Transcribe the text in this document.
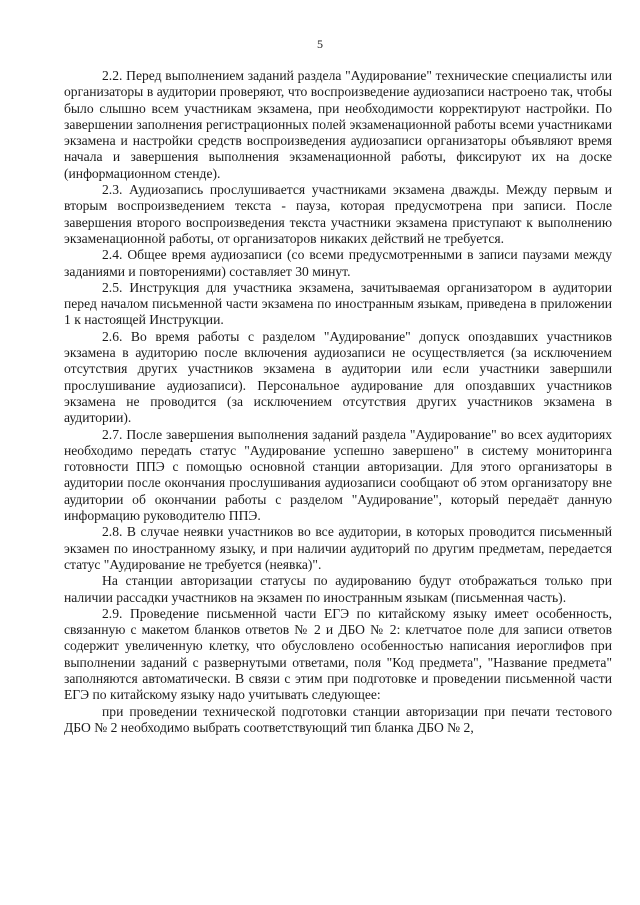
5

2.2. Перед выполнением заданий раздела "Аудирование" технические специалисты или организаторы в аудитории проверяют, что воспроизведение аудиозаписи настроено так, чтобы было слышно всем участникам экзамена, при необходимости корректируют настройки. По завершении заполнения регистрационных полей экзаменационной работы всеми участниками экзамена и настройки средств воспроизведения аудиозаписи организаторы объявляют время начала и завершения выполнения экзаменационной работы, фиксируют их на доске (информационном стенде).

2.3. Аудиозапись прослушивается участниками экзамена дважды. Между первым и вторым воспроизведением текста - пауза, которая предусмотрена при записи. После завершения второго воспроизведения текста участники экзамена приступают к выполнению экзаменационной работы, от организаторов никаких действий не требуется.

2.4. Общее время аудиозаписи (со всеми предусмотренными в записи паузами между заданиями и повторениями) составляет 30 минут.

2.5. Инструкция для участника экзамена, зачитываемая организатором в аудитории перед началом письменной части экзамена по иностранным языкам, приведена в приложении 1 к настоящей Инструкции.

2.6. Во время работы с разделом "Аудирование" допуск опоздавших участников экзамена в аудиторию после включения аудиозаписи не осуществляется (за исключением отсутствия других участников экзамена в аудитории или если участники завершили прослушивание аудиозаписи). Персональное аудирование для опоздавших участников экзамена не проводится (за исключением отсутствия других участников экзамена в аудитории).

2.7. После завершения выполнения заданий раздела "Аудирование" во всех аудиториях необходимо передать статус "Аудирование успешно завершено" в систему мониторинга готовности ППЭ с помощью основной станции авторизации. Для этого организаторы в аудитории после окончания прослушивания аудиозаписи сообщают об этом организатору вне аудитории об окончании работы с разделом "Аудирование", который передаёт данную информацию руководителю ППЭ.

2.8. В случае неявки участников во все аудитории, в которых проводится письменный экзамен по иностранному языку, и при наличии аудиторий по другим предметам, передается статус "Аудирование не требуется (неявка)".

На станции авторизации статусы по аудированию будут отображаться только при наличии рассадки участников на экзамен по иностранным языкам (письменная часть).

2.9. Проведение письменной части ЕГЭ по китайскому языку имеет особенность, связанную с макетом бланков ответов № 2 и ДБО № 2: клетчатое поле для записи ответов содержит увеличенную клетку, что обусловлено особенностью написания иероглифов при выполнении заданий с развернутыми ответами, поля "Код предмета", "Название предмета" заполняются автоматически. В связи с этим при подготовке и проведении письменной части ЕГЭ по китайскому языку надо учитывать следующее:

при проведении технической подготовки станции авторизации при печати тестового ДБО № 2 необходимо выбрать соответствующий тип бланка ДБО № 2,
